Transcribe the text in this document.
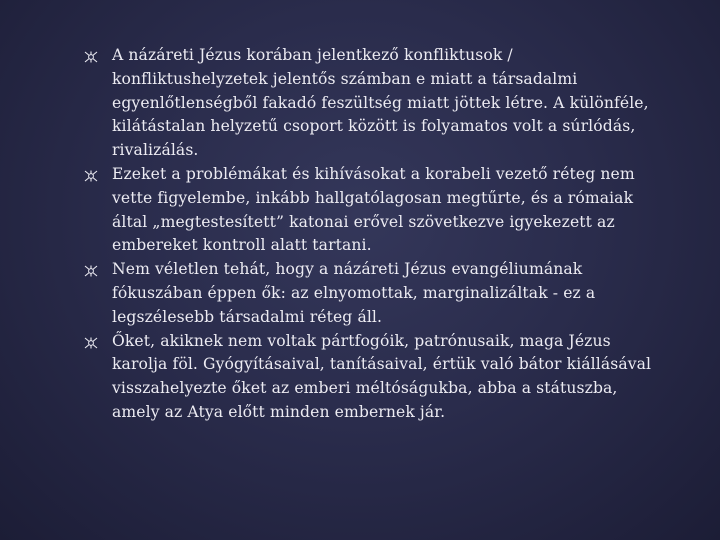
A názáreti Jézus korában jelentkező konfliktusok / konfliktushelyzetek jelentős számban e miatt a társadalmi egyenlőtlenségből fakadó feszültség miatt jöttek létre. A különféle, kilátástalan helyzetű csoport között is folyamatos volt a súrlódás, rivalizálás.
Ezeket a problémákat és kihívásokat a korabeli vezető réteg nem vette figyelembe, inkább hallgatólagosan megtűrte, és a rómaiak által „megtestesített” katonai erővel szövetkezve igyekezett az embereket kontroll alatt tartani.
Nem véletlen tehát, hogy a názáreti Jézus evangéliumának fókuszában éppen ők: az elnyomottak, marginalizáltak - ez a legszélesebb társadalmi réteg áll.
Őket, akiknek nem voltak pártfogóik, patrónusaik, maga Jézus karolja föl. Gyógyításaival, tanításaival, értük való bátor kiállásával visszahelyezte őket az emberi méltóságukba, abba a státuszba, amely az Atya előtt minden embernek jár.
